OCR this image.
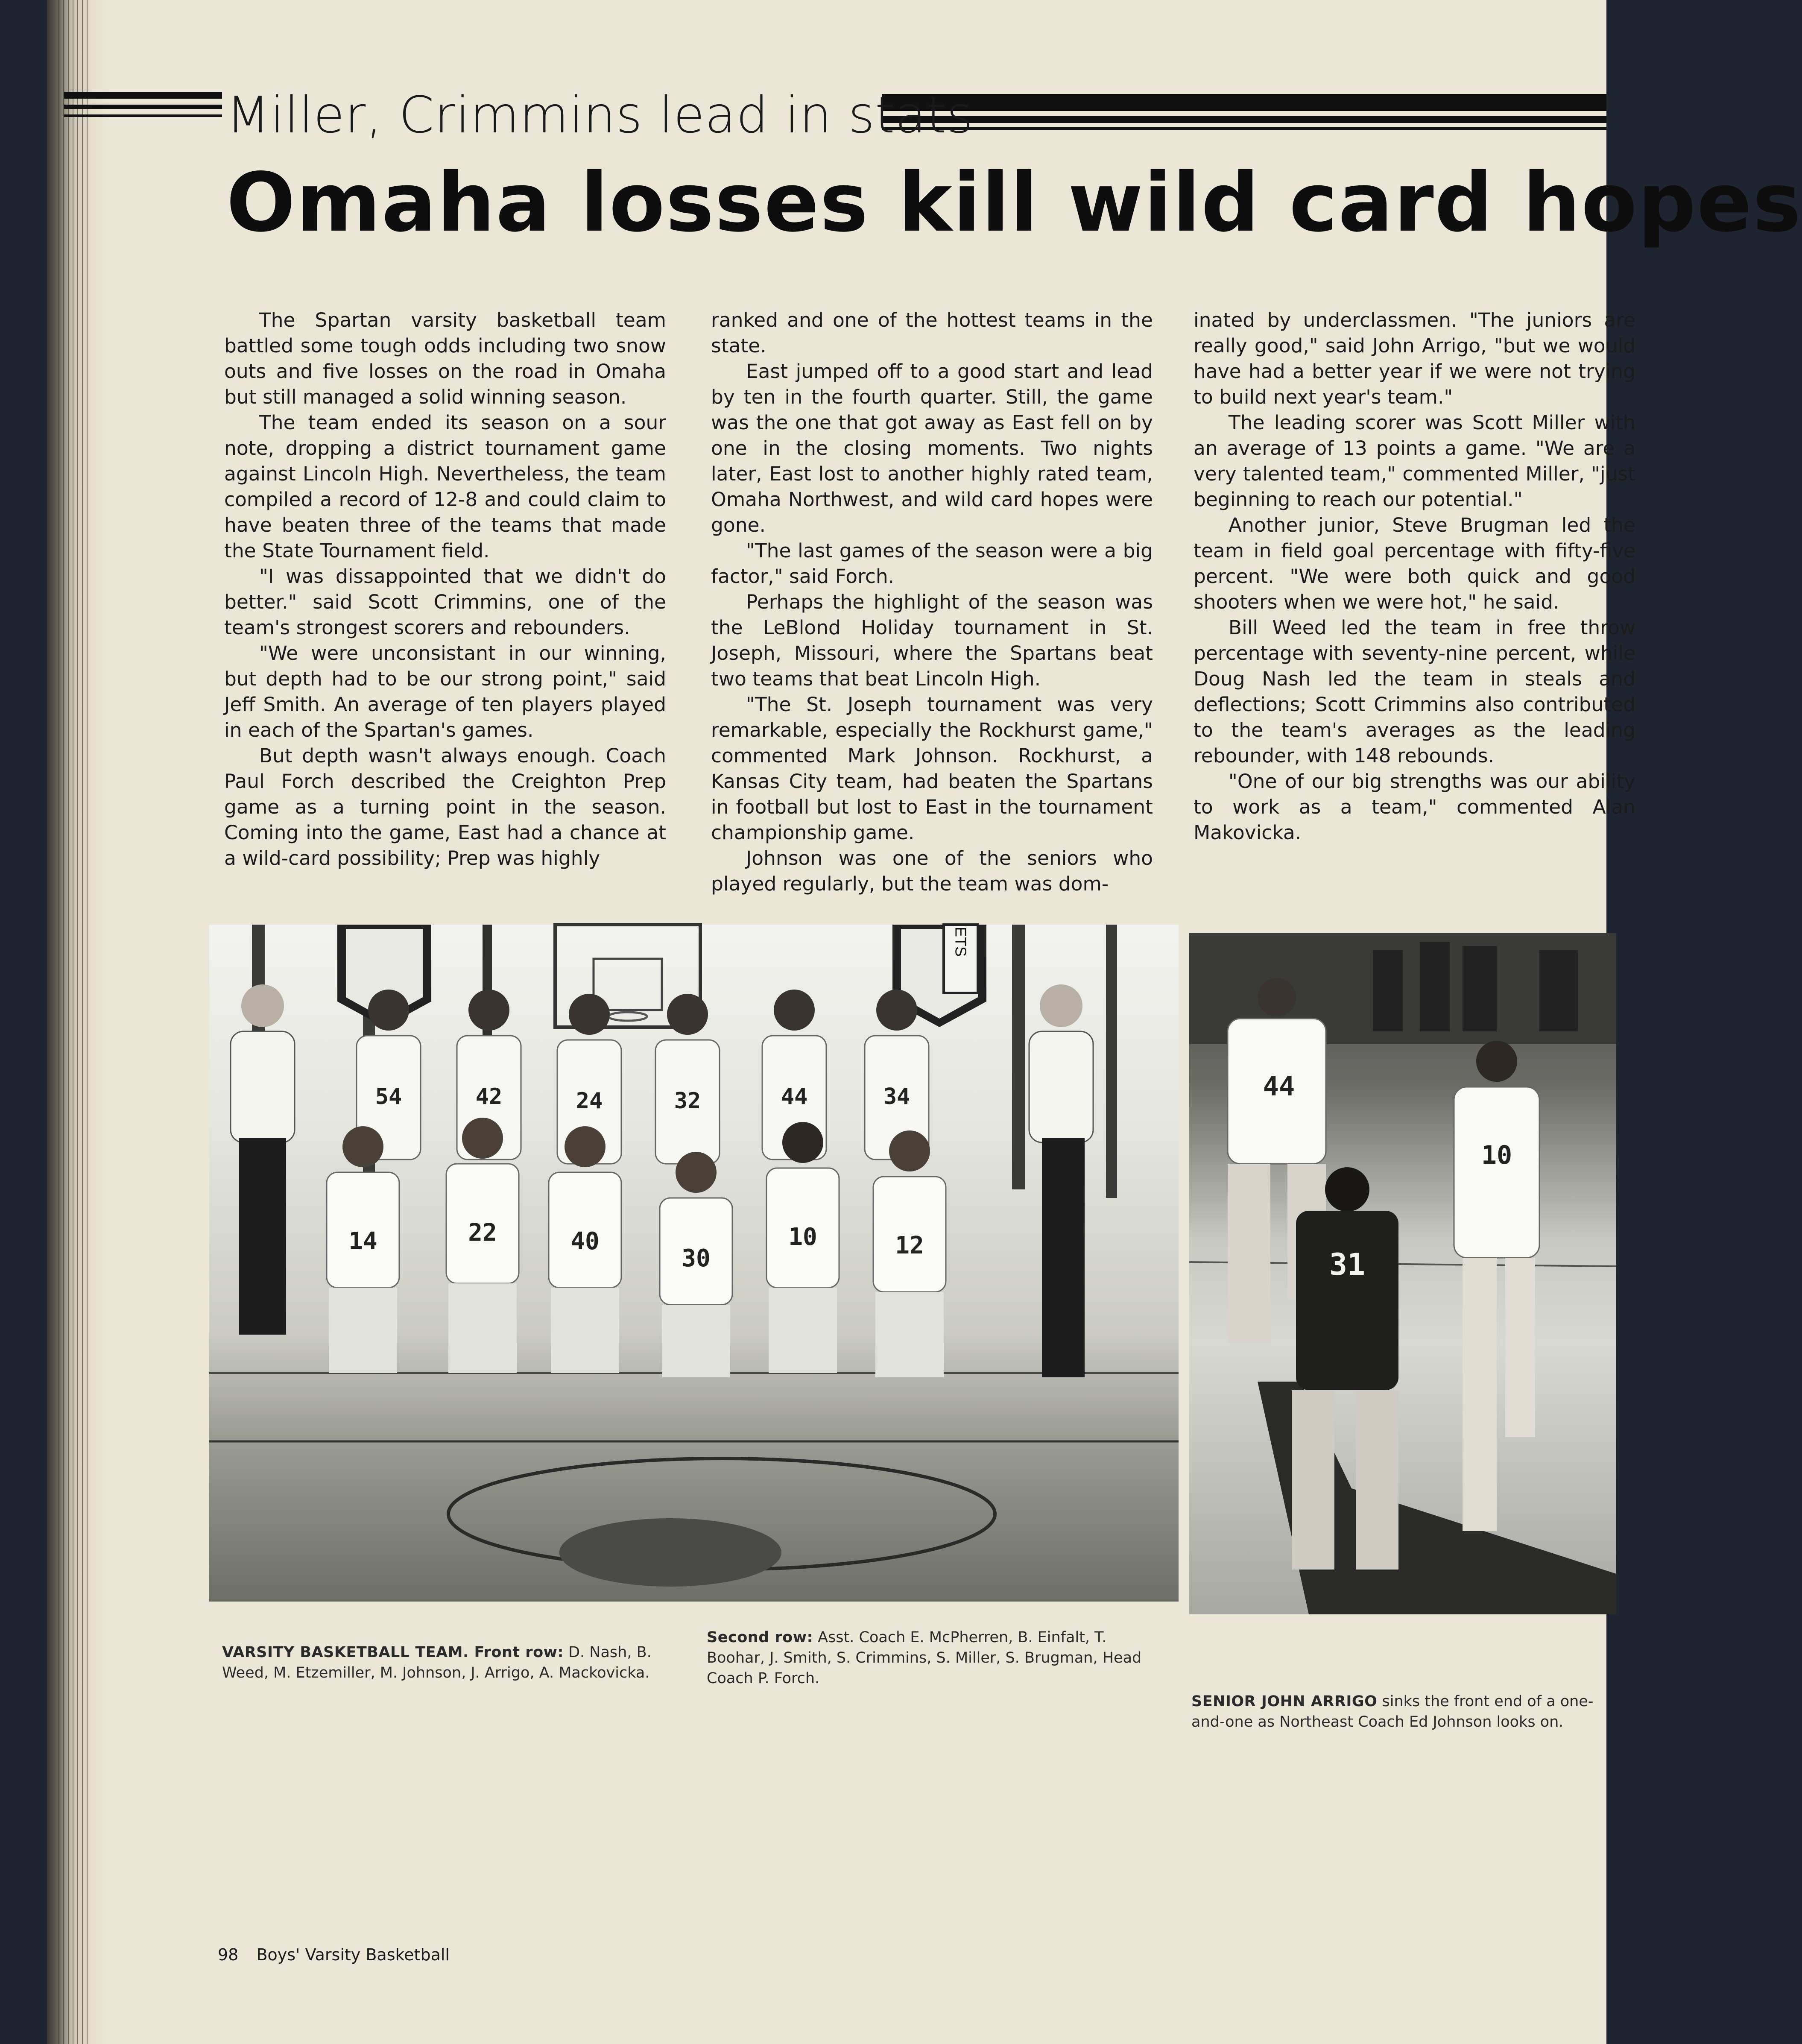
Miller, Crimmins lead in stats
Omaha losses kill wild card hopes

The Spartan varsity basketball team battled some tough odds including two snow outs and five losses on the road in Omaha but still managed a solid winning season.

The team ended its season on a sour note, dropping a district tournament game against Lincoln High. Nevertheless, the team compiled a record of 12-8 and could claim to have beaten three of the teams that made the State Tournament field.

"I was dissappointed that we didn't do better." said Scott Crimmins, one of the team's strongest scorers and rebounders.

"We were unconsistant in our winning, but depth had to be our strong point," said Jeff Smith. An average of ten players played in each of the Spartan's games.

But depth wasn't always enough. Coach Paul Forch described the Creighton Prep game as a turning point in the season. Coming into the game, East had a chance at a wild-card possibility; Prep was highly

ranked and one of the hottest teams in the state.

East jumped off to a good start and lead by ten in the fourth quarter. Still, the game was the one that got away as East fell on by one in the closing moments. Two nights later, East lost to another highly rated team, Omaha Northwest, and wild card hopes were gone.

"The last games of the season were a big factor," said Forch.

Perhaps the highlight of the season was the LeBlond Holiday tournament in St. Joseph, Missouri, where the Spartans beat two teams that beat Lincoln High.

"The St. Joseph tournament was very remarkable, especially the Rockhurst game," commented Mark Johnson. Rockhurst, a Kansas City team, had beaten the Spartans in football but lost to East in the tournament championship game.

Johnson was one of the seniors who played regularly, but the team was dom-

inated by underclassmen. "The juniors are really good," said John Arrigo, "but we would have had a better year if we were not trying to build next year's team."

The leading scorer was Scott Miller with an average of 13 points a game. "We are a very talented team," commented Miller, "just beginning to reach our potential."

Another junior, Steve Brugman led the team in field goal percentage with fifty-five percent. "We were both quick and good shooters when we were hot," he said.

Bill Weed led the team in free throw percentage with seventy-nine percent, while Doug Nash led the team in steals and deflections; Scott Crimmins also contributed to the team's averages as the leading rebounder, with 148 rebounds.

"One of our big strengths was our ability to work as a team," commented Alan Makovicka.

ETS
54	42	24	32	44	34
14	22	40
30
10	12
44
10
31
VARSITY BASKETBALL TEAM. Front row: D. Nash, B. Weed, M. Etzemiller, M. Johnson, J. Arrigo, A. Mackovicka.
Second row: Asst. Coach E. McPherren, B. Einfalt, T. Boohar, J. Smith, S. Crimmins, S. Miller, S. Brugman, Head Coach P. Forch.
SENIOR JOHN ARRIGO sinks the front end of a one-and-one as Northeast Coach Ed Johnson looks on.
98 Boys' Varsity Basketball
